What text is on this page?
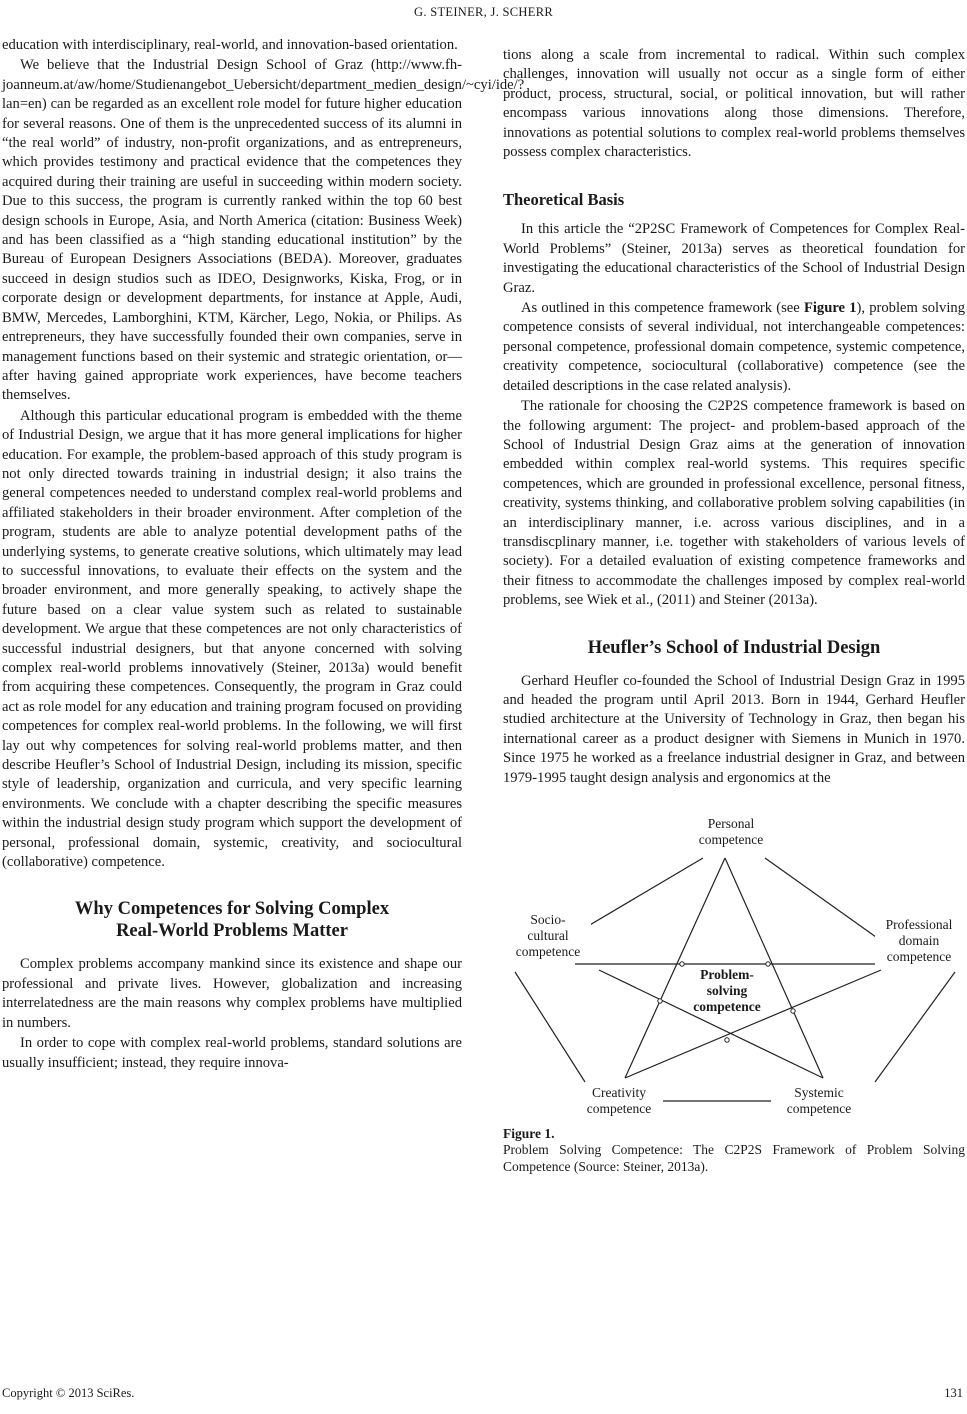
G. STEINER, J. SCHERR

education with interdisciplinary, real-world, and innovation-based orientation.

We believe that the Industrial Design School of Graz (http://www.fh-joanneum.at/aw/home/Studienangebot_Uebersicht/department_medien_design/~cyi/ide/?lan=en) can be regarded as an excellent role model for future higher education for several reasons. One of them is the unprecedented success of its alumni in “the real world” of industry, non-profit organizations, and as entrepreneurs, which provides testimony and practical evidence that the competences they acquired during their training are useful in succeeding within modern society. Due to this success, the program is currently ranked within the top 60 best design schools in Europe, Asia, and North America (citation: Business Week) and has been classified as a “high standing educational institution” by the Bureau of European Designers Associations (BEDA). Moreover, graduates succeed in design studios such as IDEO, Designworks, Kiska, Frog, or in corporate design or development departments, for instance at Apple, Audi, BMW, Mercedes, Lamborghini, KTM, Kärcher, Lego, Nokia, or Philips. As entrepreneurs, they have successfully founded their own companies, serve in management functions based on their systemic and strategic orientation, or—after having gained appropriate work experiences, have become teachers themselves.

Although this particular educational program is embedded with the theme of Industrial Design, we argue that it has more general implications for higher education. For example, the problem-based approach of this study program is not only directed towards training in industrial design; it also trains the general competences needed to understand complex real-world problems and affiliated stakeholders in their broader environment. After completion of the program, students are able to analyze potential development paths of the underlying systems, to generate creative solutions, which ultimately may lead to successful innovations, to evaluate their effects on the system and the broader environment, and more generally speaking, to actively shape the future based on a clear value system such as related to sustainable development. We argue that these competences are not only characteristics of successful industrial designers, but that anyone concerned with solving complex real-world problems innovatively (Steiner, 2013a) would benefit from acquiring these competences. Consequently, the program in Graz could act as role model for any education and training program focused on providing competences for complex real-world problems. In the following, we will first lay out why competences for solving real-world problems matter, and then describe Heufler’s School of Industrial Design, including its mission, specific style of leadership, organization and curricula, and very specific learning environments. We conclude with a chapter describing the specific measures within the industrial design study program which support the development of personal, professional domain, systemic, creativity, and sociocultural (collaborative) competence.

Why Competences for Solving Complex
Real-World Problems Matter

Complex problems accompany mankind since its existence and shape our professional and private lives. However, globalization and increasing interrelatedness are the main reasons why complex problems have multiplied in numbers.

In order to cope with complex real-world problems, standard solutions are usually insufficient; instead, they require innova-

tions along a scale from incremental to radical. Within such complex challenges, innovation will usually not occur as a single form of either product, process, structural, social, or political innovation, but will rather encompass various innovations along those dimensions. Therefore, innovations as potential solutions to complex real-world problems themselves possess complex characteristics.

Theoretical Basis

In this article the “2P2SC Framework of Competences for Complex Real-World Problems” (Steiner, 2013a) serves as theoretical foundation for investigating the educational characteristics of the School of Industrial Design Graz.

As outlined in this competence framework (see Figure 1), problem solving competence consists of several individual, not interchangeable competences: personal competence, professional domain competence, systemic competence, creativity competence, sociocultural (collaborative) competence (see the detailed descriptions in the case related analysis).

The rationale for choosing the C2P2S competence framework is based on the following argument: The project- and problem-based approach of the School of Industrial Design Graz aims at the generation of innovation embedded within complex real-world systems. This requires specific competences, which are grounded in professional excellence, personal fitness, creativity, systems thinking, and collaborative problem solving capabilities (in an interdisciplinary manner, i.e. across various disciplines, and in a transdiscplinary manner, i.e. together with stakeholders of various levels of society). For a detailed evaluation of existing competence frameworks and their fitness to accommodate the challenges imposed by complex real-world problems, see Wiek et al., (2011) and Steiner (2013a).

Heufler’s School of Industrial Design

Gerhard Heufler co-founded the School of Industrial Design Graz in 1995 and headed the program until April 2013. Born in 1944, Gerhard Heufler studied architecture at the University of Technology in Graz, then began his international career as a product designer with Siemens in Munich in 1970. Since 1975 he worked as a freelance industrial designer in Graz, and between 1979-1995 taught design analysis and ergonomics at the

Personal
competence
Socio-
cultural
competence
Professional
domain
competence
Problem-
solving
competence
Creativity
competence
Systemic
competence
Figure 1.
Problem Solving Competence: The C2P2S Framework of Problem Solving Competence (Source: Steiner, 2013a).
Copyright © 2013 SciRes.	131
